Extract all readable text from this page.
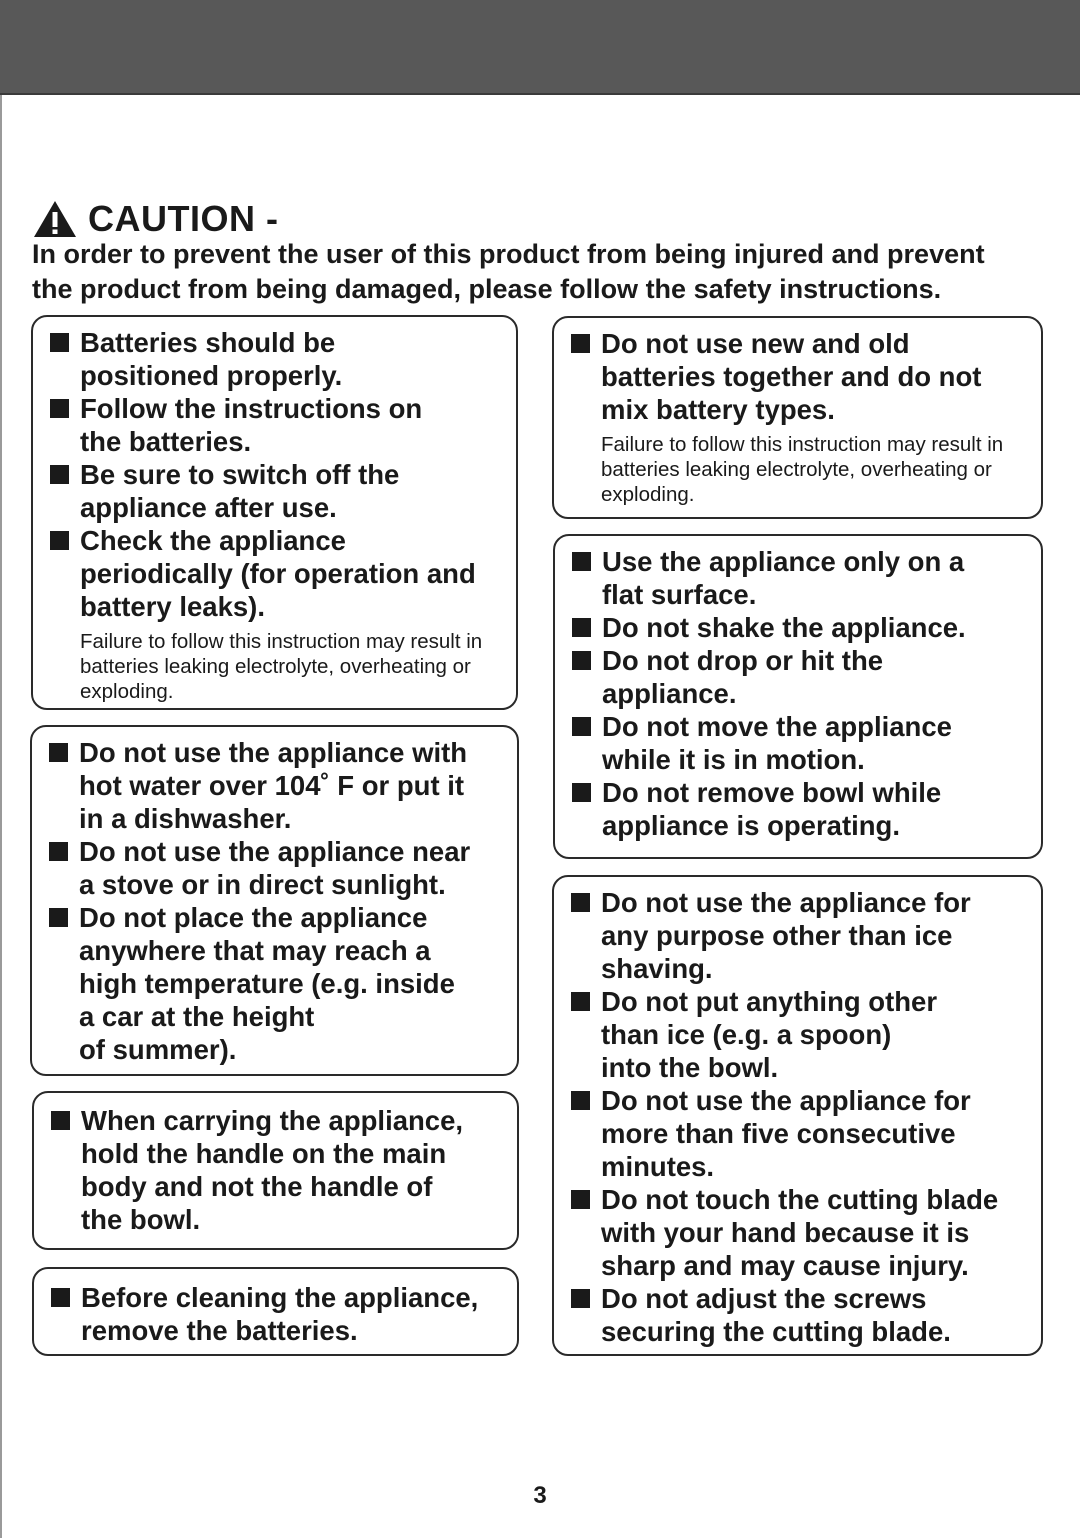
CAUTION -
In order to prevent the user of this product from being injured and prevent
the product from being damaged, please follow the safety instructions.
Batteries should be
positioned properly.
Follow the instructions on
the batteries.
Be sure to switch off the
appliance after use.
Check the appliance
periodically (for operation and
battery leaks).
Failure to follow this instruction may result in
batteries leaking electrolyte, overheating or
exploding.
Do not use the appliance with
hot water over 104˚ F or put it
in a dishwasher.
Do not use the appliance near
a stove or in direct sunlight.
Do not place the appliance
anywhere that may reach a
high temperature (e.g. inside
a car at the height
of summer).
When carrying the appliance,
hold the handle on the main
body and not the handle of
the bowl.
Before cleaning the appliance,
remove the batteries.
Do not use new and old
batteries together and do not
mix battery types.
Failure to follow this instruction may result in
batteries leaking electrolyte, overheating or
exploding.
Use the appliance only on a
flat surface.
Do not shake the appliance.
Do not drop or hit the
appliance.
Do not move the appliance
while it is in motion.
Do not remove bowl while
appliance is operating.
Do not use the appliance for
any purpose other than ice
shaving.
Do not put anything other
than ice (e.g. a spoon)
into the bowl.
Do not use the appliance for
more than five consecutive
minutes.
Do not touch the cutting blade
with your hand because it is
sharp and may cause injury.
Do not adjust the screws
securing the cutting blade.
3
